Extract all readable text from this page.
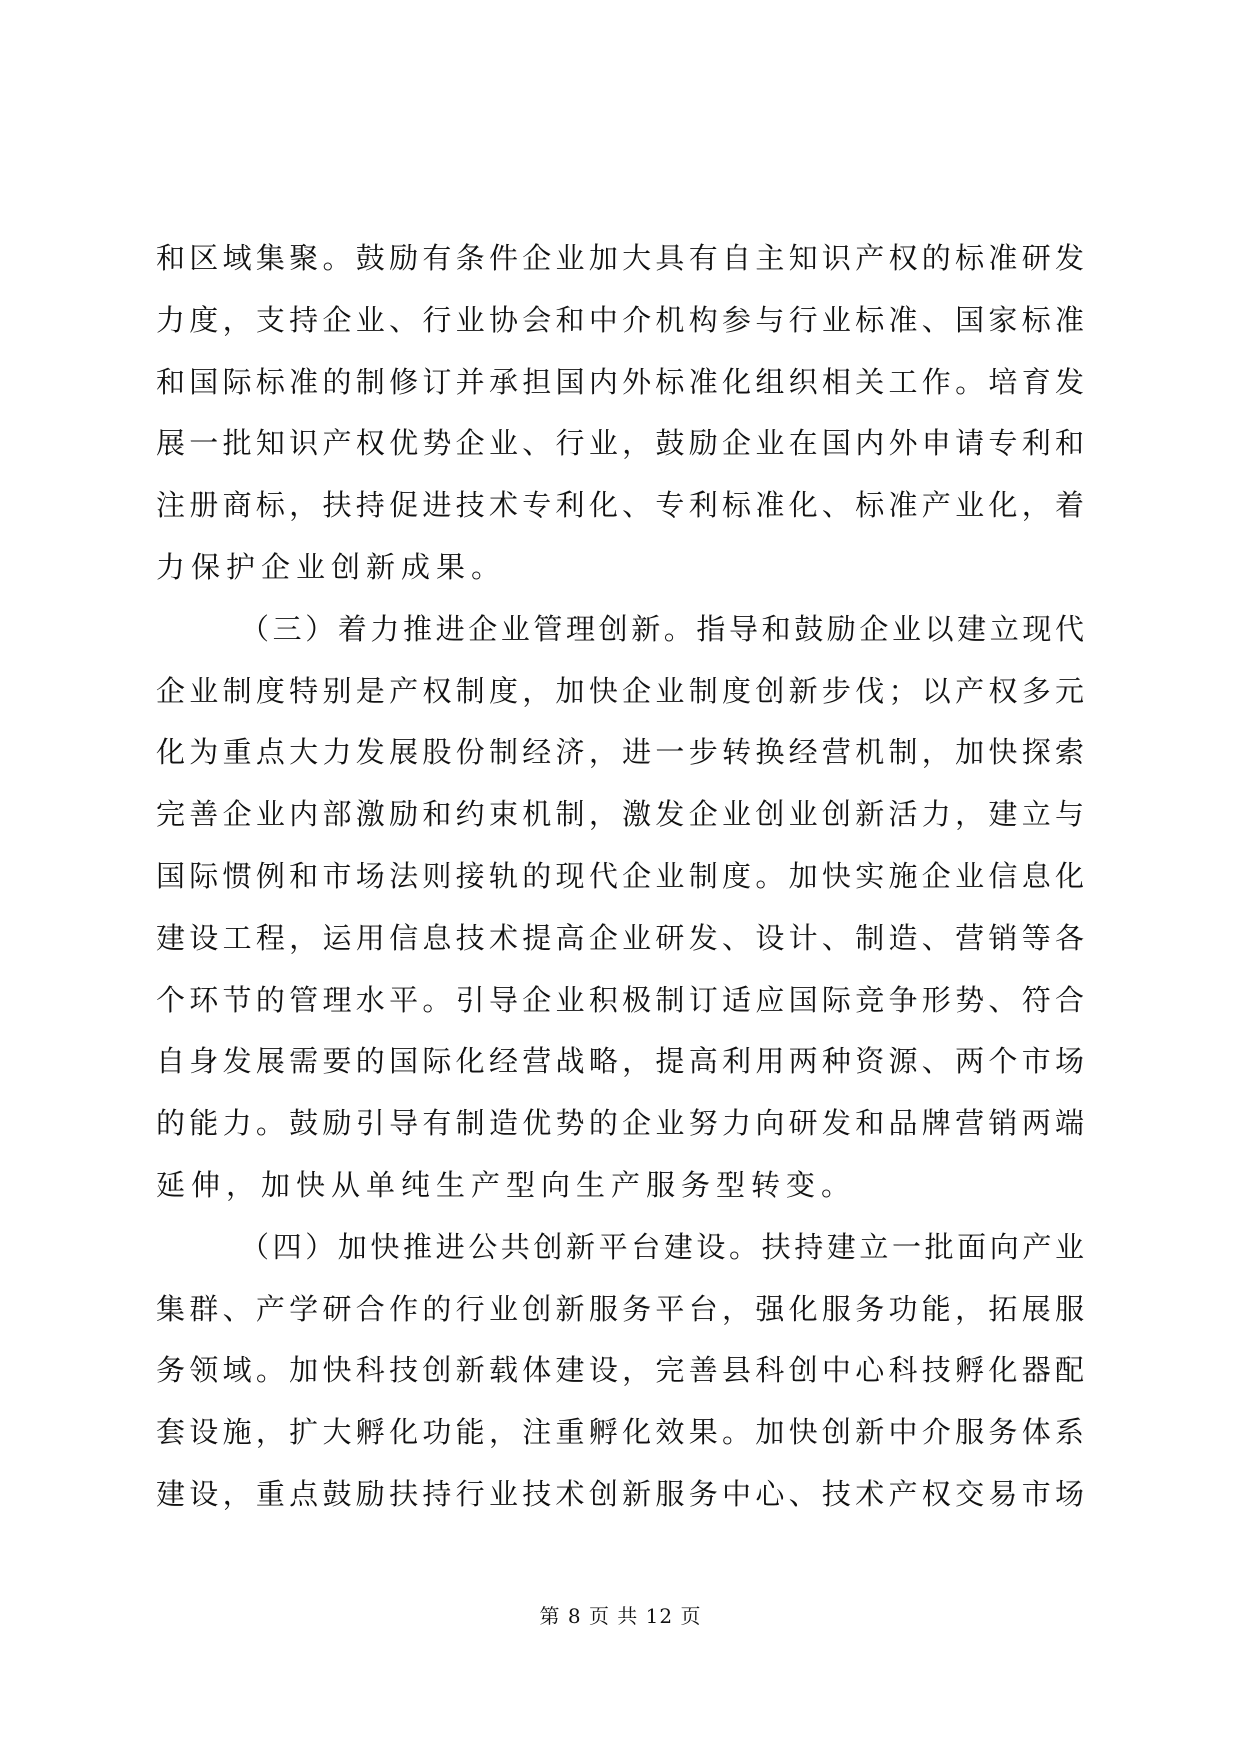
和区域集聚。鼓励有条件企业加大具有自主知识产权的标准研发
力度，支持企业、行业协会和中介机构参与行业标准、国家标准
和国际标准的制修订并承担国内外标准化组织相关工作。培育发
展一批知识产权优势企业、行业，鼓励企业在国内外申请专利和
注册商标，扶持促进技术专利化、专利标准化、标准产业化，着
力保护企业创新成果。
（三）着力推进企业管理创新。指导和鼓励企业以建立现代
企业制度特别是产权制度，加快企业制度创新步伐；以产权多元
化为重点大力发展股份制经济，进一步转换经营机制，加快探索
完善企业内部激励和约束机制，激发企业创业创新活力，建立与
国际惯例和市场法则接轨的现代企业制度。加快实施企业信息化
建设工程，运用信息技术提高企业研发、设计、制造、营销等各
个环节的管理水平。引导企业积极制订适应国际竞争形势、符合
自身发展需要的国际化经营战略，提高利用两种资源、两个市场
的能力。鼓励引导有制造优势的企业努力向研发和品牌营销两端
延伸，加快从单纯生产型向生产服务型转变。
（四）加快推进公共创新平台建设。扶持建立一批面向产业
集群、产学研合作的行业创新服务平台，强化服务功能，拓展服
务领域。加快科技创新载体建设，完善县科创中心科技孵化器配
套设施，扩大孵化功能，注重孵化效果。加快创新中介服务体系
建设，重点鼓励扶持行业技术创新服务中心、技术产权交易市场
第 8 页 共 12 页
